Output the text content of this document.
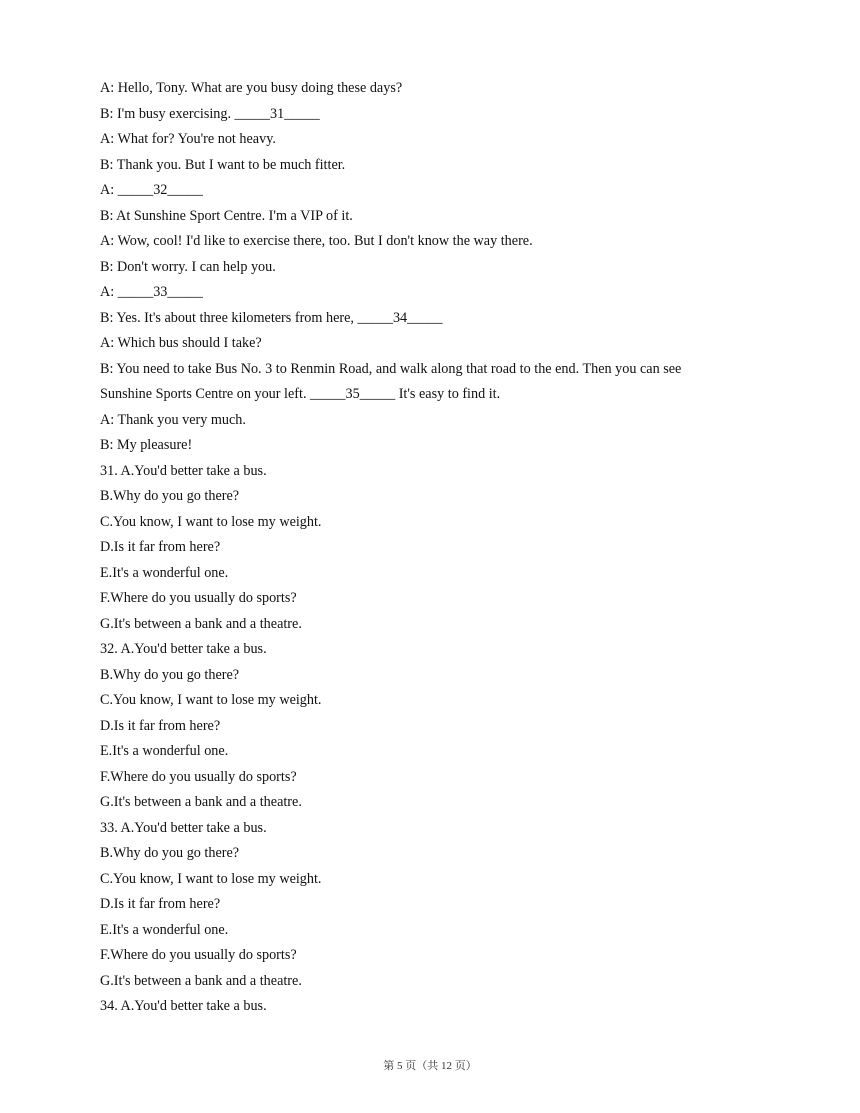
A: Hello, Tony. What are you busy doing these days?
B: I'm busy exercising. _____31_____
A: What for? You're not heavy.
B: Thank you. But I want to be much fitter.
A: _____32_____
B: At Sunshine Sport Centre. I'm a VIP of it.
A: Wow, cool! I'd like to exercise there, too. But I don't know the way there.
B: Don't worry. I can help you.
A: _____33_____
B: Yes. It's about three kilometers from here, _____34_____
A: Which bus should I take?
B: You need to take Bus No. 3 to Renmin Road, and walk along that road to the end. Then you can see
Sunshine Sports Centre on your left. _____35_____ It's easy to find it.
A: Thank you very much.
B: My pleasure!
31. A.You'd better take a bus.
B.Why do you go there?
C.You know, I want to lose my weight.
D.Is it far from here?
E.It's a wonderful one.
F.Where do you usually do sports?
G.It's between a bank and a theatre.
32. A.You'd better take a bus.
B.Why do you go there?
C.You know, I want to lose my weight.
D.Is it far from here?
E.It's a wonderful one.
F.Where do you usually do sports?
G.It's between a bank and a theatre.
33. A.You'd better take a bus.
B.Why do you go there?
C.You know, I want to lose my weight.
D.Is it far from here?
E.It's a wonderful one.
F.Where do you usually do sports?
G.It's between a bank and a theatre.
34. A.You'd better take a bus.
第 5 页（共 12 页）
